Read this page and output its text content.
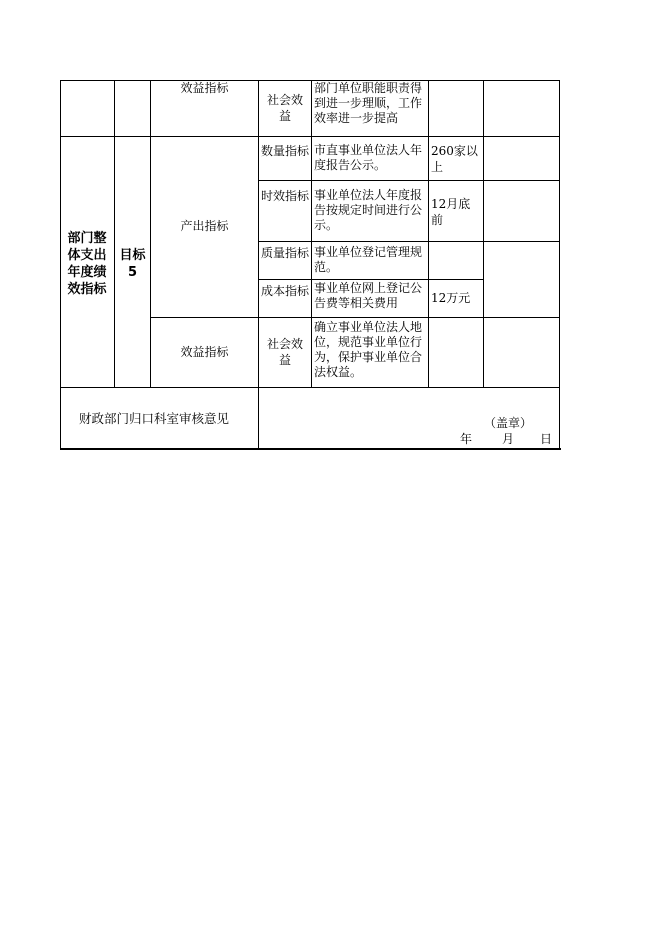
效益指标
社会效益
部门单位职能职责得到进一步理顺，工作效率进一步提高
部门整体支出年度绩效指标
目标5
产出指标
数量指标 市直事业单位法人年度报告公示。
260家以上
时效指标 事业单位法人年度报告按规定时间进行公示。
12月底前
质量指标 事业单位登记管理规范。
成本指标 事业单位网上登记公告费等相关费用	12万元
效益指标
社会效益
确立事业单位法人地位，规范事业单位行为，保护事业单位合法权益。
财政部门归口科室审核意见	（盖章）
年 月 日
